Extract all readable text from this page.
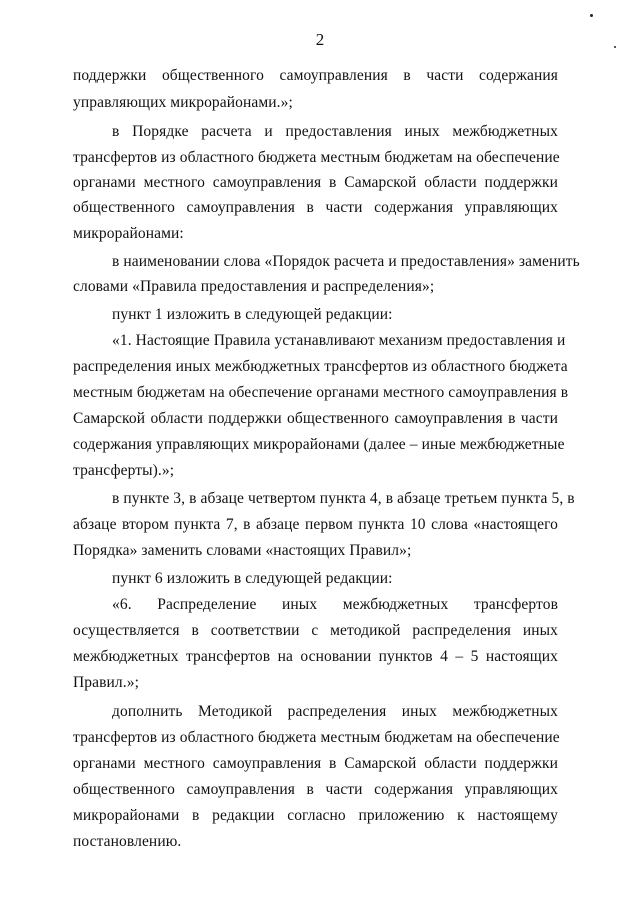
2
поддержки общественного самоуправления в части содержания
управляющих микрорайонами.»;
в Порядке расчета и предоставления иных межбюджетных
трансфертов из областного бюджета местным бюджетам на обеспечение
органами местного самоуправления в Самарской области поддержки
общественного самоуправления в части содержания управляющих
микрорайонами:
в наименовании слова «Порядок расчета и предоставления» заменить
словами «Правила предоставления и распределения»;
пункт 1 изложить в следующей редакции:
«1. Настоящие Правила устанавливают механизм предоставления и
распределения иных межбюджетных трансфертов из областного бюджета
местным бюджетам на обеспечение органами местного самоуправления в
Самарской области поддержки общественного самоуправления в части
содержания управляющих микрорайонами (далее – иные межбюджетные
трансферты).»;
в пункте 3, в абзаце четвертом пункта 4, в абзаце третьем пункта 5, в
абзаце втором пункта 7, в абзаце первом пункта 10 слова «настоящего
Порядка» заменить словами «настоящих Правил»;
пункт 6 изложить в следующей редакции:
«6. Распределение иных межбюджетных трансфертов
осуществляется в соответствии с методикой распределения иных
межбюджетных трансфертов на основании пунктов 4 – 5 настоящих
Правил.»;
дополнить Методикой распределения иных межбюджетных
трансфертов из областного бюджета местным бюджетам на обеспечение
органами местного самоуправления в Самарской области поддержки
общественного самоуправления в части содержания управляющих
микрорайонами в редакции согласно приложению к настоящему
постановлению.
